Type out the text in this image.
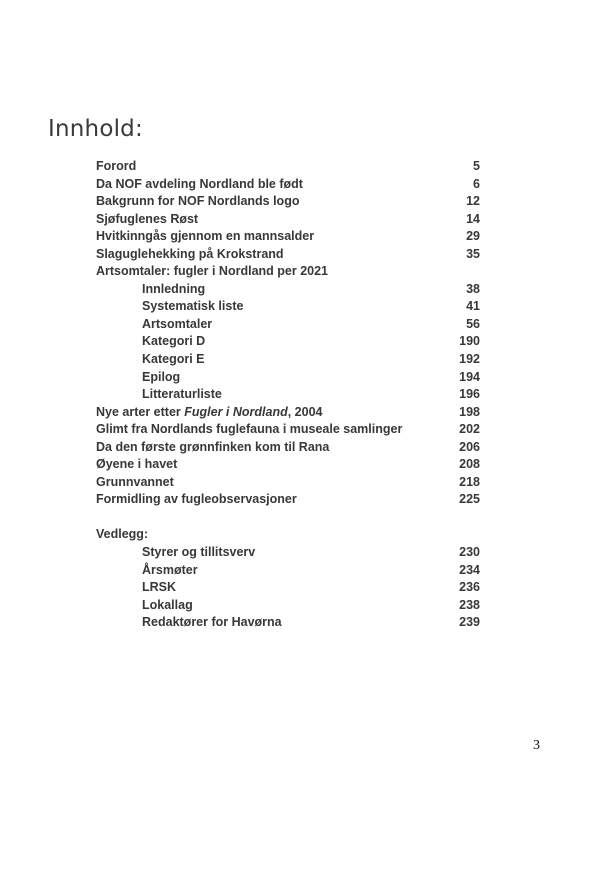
Innhold:
Forord	5
Da NOF avdeling Nordland ble født	6
Bakgrunn for NOF Nordlands logo	12
Sjøfuglenes Røst	14
Hvitkinngås gjennom en mannsalder	29
Slaguglehekking på Krokstrand	35
Artsomtaler: fugler i Nordland per 2021
Innledning	38
Systematisk liste	41
Artsomtaler	56
Kategori D	190
Kategori E	192
Epilog	194
Litteraturliste	196
Nye arter etter Fugler i Nordland, 2004	198
Glimt fra Nordlands fuglefauna i museale samlinger	202
Da den første grønnfinken kom til Rana	206
Øyene i havet	208
Grunnvannet	218
Formidling av fugleobservasjoner	225
Vedlegg:
Styrer og tillitsverv	230
Årsmøter	234
LRSK	236
Lokallag	238
Redaktører for Havørna	239

3
